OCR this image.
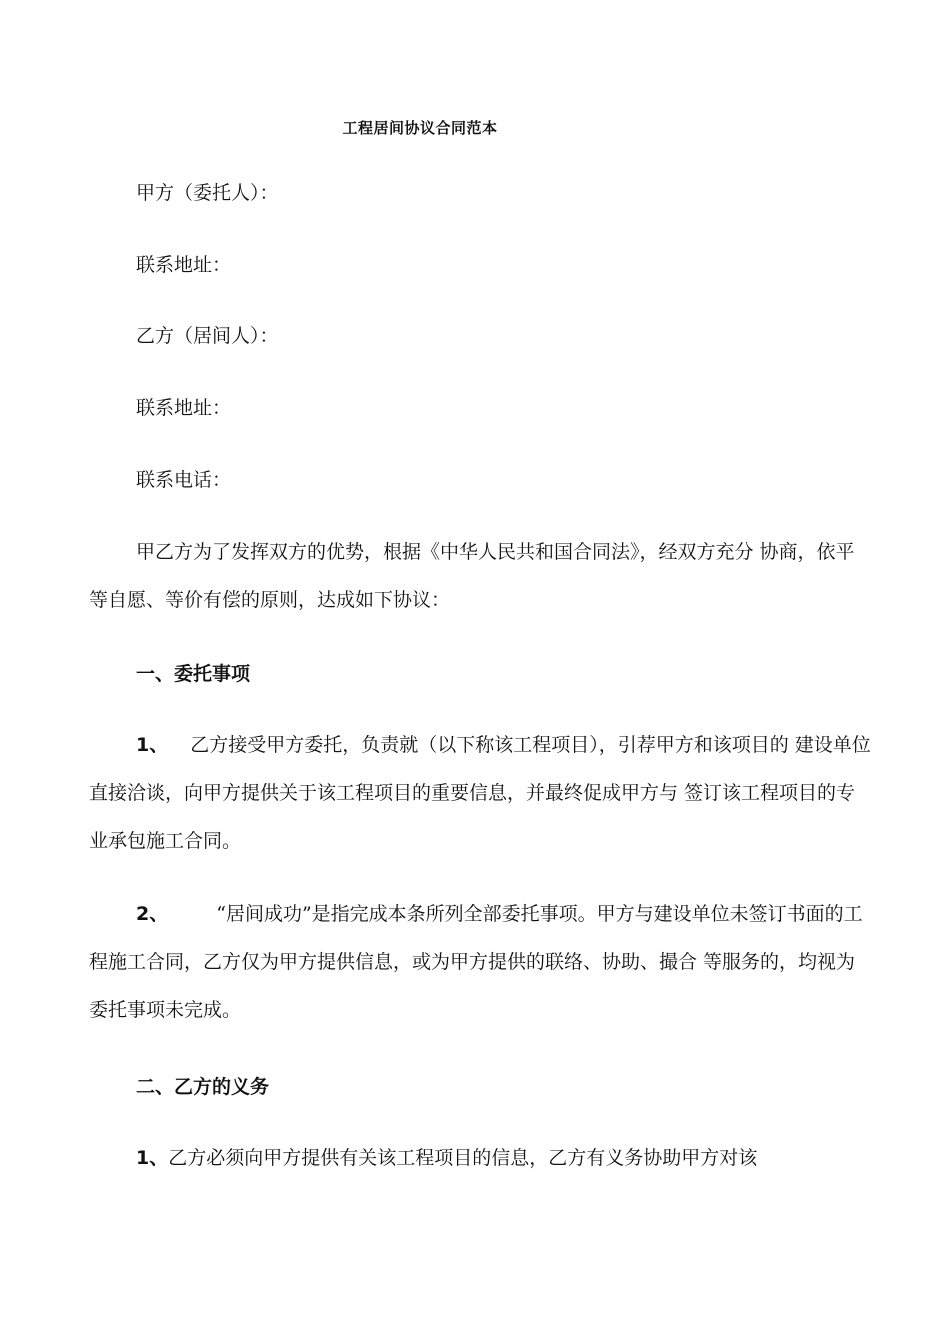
工程居间协议合同范本
甲方（委托人）：
联系地址：
乙方（居间人）：
联系地址：
联系电话：
甲乙方为了发挥双方的优势，根据《中华人民共和国合同法》，经双方充分 协商，依平等自愿、等价有偿的原则，达成如下协议：
一、委托事项
1、 乙方接受甲方委托，负责就（以下称该工程项目），引荐甲方和该项目的 建设单位直接洽谈，向甲方提供关于该工程项目的重要信息，并最终促成甲方与 签订该工程项目的专业承包施工合同。
2、	“居间成功”是指完成本条所列全部委托事项。甲方与建设单位未签订书面的工程施工合同，乙方仅为甲方提供信息，或为甲方提供的联络、协助、撮合 等服务的，均视为委托事项未完成。
二、乙方的义务
1、乙方必须向甲方提供有关该工程项目的信息，乙方有义务协助甲方对该
